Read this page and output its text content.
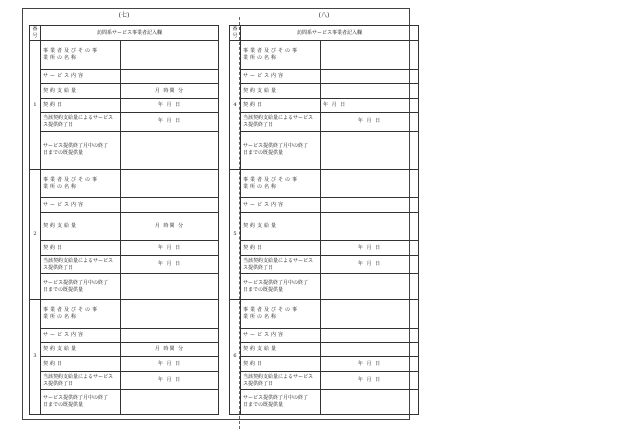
(七)
番号	訪問系サービス事業者記入欄	
1	事業者及びその事
業所の名称	
	サービス内容	
	契約支給量	月 時間 分
	契約日	年 月 日
	当該契約支給量によるサービス
ス提供終了日	年 月 日
	サービス提供終了月中の終了
日までの既提供量	
2	事業者及びその事
業所の名称	
	サービス内容	
	契約支給量	月 時間 分
	契約日	年 月 日
	当該契約支給量によるサービス
ス提供終了日	年 月 日
	サービス提供終了月中の終了
日までの既提供量	
3	事業者及びその事
業所の名称	
	サービス内容	
	契約支給量	月 時間 分
	契約日	年 月 日
	当該契約支給量によるサービス
ス提供終了日	年 月 日
	サービス提供終了月中の終了
日までの既提供量	
(八)
番号	訪問系サービス事業者記入欄	
4	事業者及びその事
業所の名称	
	サービス内容	
	契約支給量	
	契約日	年 月 日
	当該契約支給量によるサービス
ス提供終了日	年 月 日
	サービス提供終了月中の終了
日までの既提供量	
5	事業者及びその事
業所の名称	
	サービス内容	
	契約支給量	
	契約日	年 月 日
	当該契約支給量によるサービス
ス提供終了日	年 月 日
	サービス提供終了月中の終了
日までの既提供量	
6	事業者及びその事
業所の名称	
	サービス内容	
	契約支給量	
	契約日	年 月 日
	当該契約支給量によるサービス
ス提供終了日	年 月 日
	サービス提供終了月中の終了
日までの既提供量	
